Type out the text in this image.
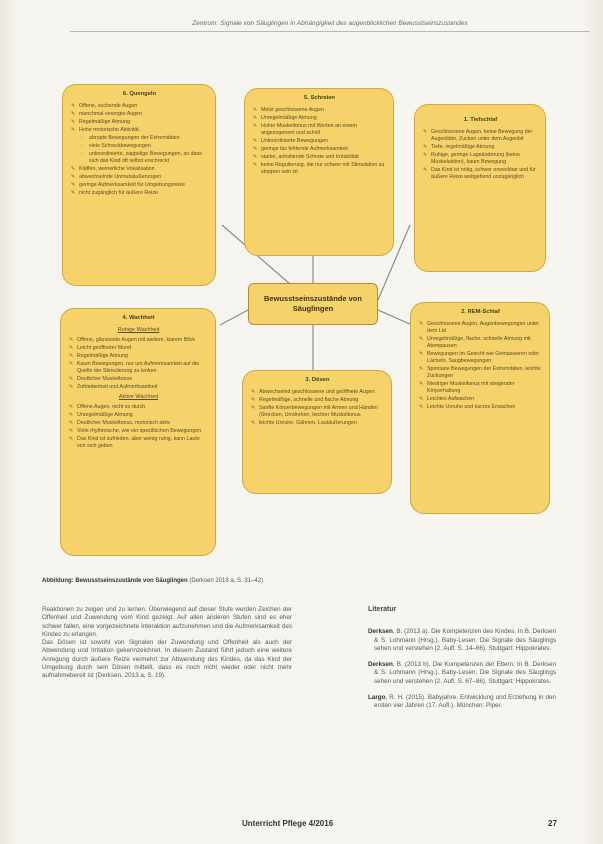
Zentrum: Signale von Säuglingen in Abhängigkeit des augenblicklichen Bewusstseinszustandes
6. Quengeln
✎ Offene, suchende Augen
✎ manchmal verengte Augen
✎ Regelmäßige Atmung
✎ Hohe motorische Aktivität,
◦ abrupte Bewegungen der Extremitäten
◦ viele Schreckbewegungen
◦ unkoordinierte, zappelige Bewegungen, so dass sich das Kind oft selbst erschreckt
✎ Kläffen, weinerliche Vokalisation
✎ abwechselnde Unmutsäußerungen
✎ geringe Aufmerksamkeit für Umgebungsreize
✎ nicht zugänglich für äußere Reize
5. Schreien
✎ Meist geschlossene Augen
✎ Unregelmäßige Atmung
✎ Hoher Muskeltonus mit Werten an einem angezogenem und schrill
✎ Unkoordinierte Bewegungen
✎ geringe bis fehlende Aufmerksamkeit
✎ starke, anhaltende Schreie und Irritabilität
✎ keine Regulierung, die nur schwer mit Stimulation zu stoppen sein ist
1. Tiefschlaf
✎ Geschlossene Augen, keine Bewegung der Augenlider, Zucken unter dem Augenlid
✎ Tiefe, regelmäßige Atmung
✎ Ruhige, geringe Lageänderung (keine Muskelaktion), kaum Bewegung
✎ Das Kind ist nötig, schwer erweckbar und für äußere Reize weitgehend unzugänglich
Bewusstseinszustände von Säuglingen
4. Wachheit
Ruhige Wachheit
✎ Offene, glänzende Augen mit weitem, klarem Blick
✎ Leicht geöffneter Mund
✎ Regelmäßige Atmung
✎ Kaum Bewegungen, nur um Aufmerksamkeit auf die Quelle der Stimulierung zu lenken
✎ Deutlicher Muskeltonus
✎ Zufriedenheit und Aufmerksamkeit
Aktive Wachheit
✎ Offene Augen, nicht so durch
✎ Unregelmäßige Atmung
✎ Deutlicher Muskeltonus, motorisch aktiv
✎ Viele rhythmische, wie ein spezifischen Bewegungen
✎ Das Kind ist zufrieden, aber wenig ruhig, kann Laute von sich geben
3. Dösen
✎ Abwechselnd geschlossene und geöffnete Augen
✎ Regelmäßige, schnelle und flache Atmung
✎ Sanfte Körperbewegungen mit Armen und Händen (Strecken, Umdrehen, leichter Muskeltonus
✎ leichte Unruhe, Gähnen, Lautäußerungen
2. REM-Schlaf
✎ Geschlossene Augen, Augenbewegungen unter dem Lid
✎ Unregelmäßige, flache, schnelle Atmung mit Atempausen
✎ Bewegungen im Gesicht wie Grimassieren oder Lächeln, Saugbewegungen
✎ Spontane Bewegungen der Extremitäten, leichte Zuckungen
✎ Niedriger Muskeltonus mit steigender Körperhaltung
✎ Leichtes Aufwachen
✎ Leichte Unruhe und kurzes Erwachen
Abbildung: Bewusstseinszustände von Säuglingen (Derksen 2013 a, S. 31–42)

Reaktionen zu zeigen und zu lernen. Überwiegend auf dieser Stufe werden Zeichen der Offenheit und Zuwendung vom Kind gezeigt. Auf allen anderen Stufen sind es eher schwer fallen, eine vorgezeichnete Interaktion aufzunehmen und die Aufmerksamkeit des Kindes zu erlangen.

Das Dösen ist sowohl von Signalen der Zuwendung und Offenheit als auch der Abwendung und Irritation gekennzeichnet. In diesem Zustand führt jedoch eine weitere Anregung durch äußere Reize vermehrt zur Abwendung des Kindes, da das Kind der Umgebung durch sein Dösen mitteilt, dass es noch nicht wieder oder nicht mehr aufnahmebereit ist (Derksen, 2013 a, S. 19).

Literatur
Derksen, B. (2013 a). Die Kompetenzen des Kindes. In B. Derksen & S. Lohmann (Hrsg.), Baby-Lesen. Die Signale des Säuglings sehen und verstehen (2. Aufl. S. 14–66). Stuttgart: Hippokrates.
Derksen, B. (2013 b). Die Kompetenzen der Eltern. In B. Derksen & S. Lohmann (Hrsg.), Baby-Lesen. Die Signale des Säuglings sehen und verstehen (2. Aufl. S. 67–86). Stuttgart: Hippokrates.
Largo, R. H. (2015). Babyjahre. Entwicklung und Erziehung in den ersten vier Jahren (17. Aufl.). München: Piper.
Unterricht Pflege 4/2016	27
